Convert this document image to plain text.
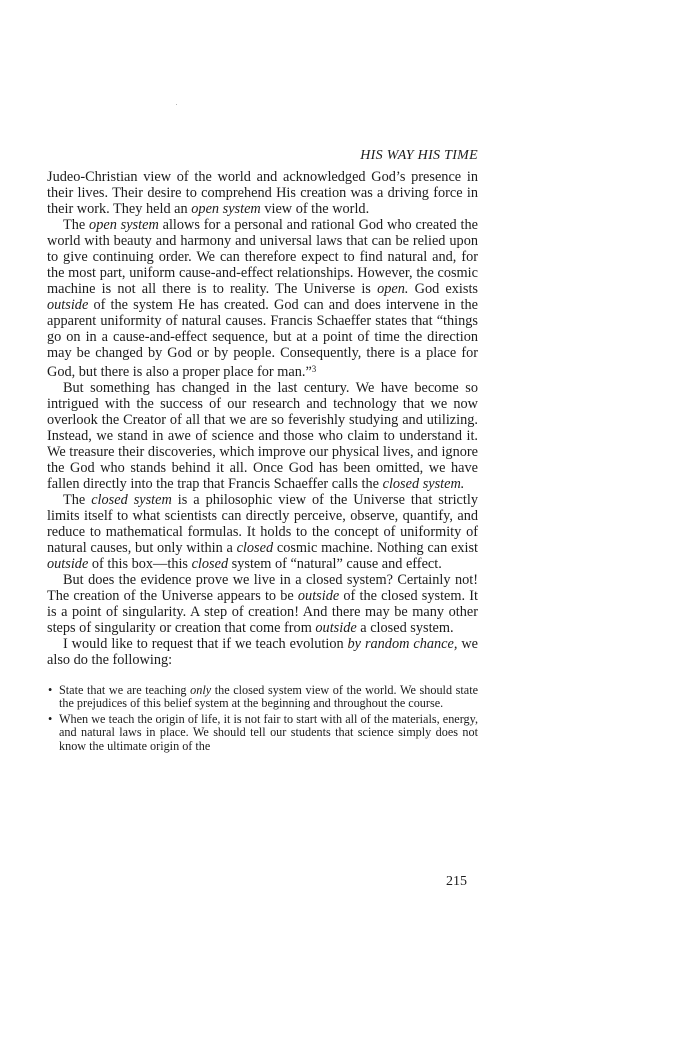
HIS WAY HIS TIME

Judeo-Christian view of the world and acknowledged God’s presence in their lives. Their desire to comprehend His creation was a driving force in their work. They held an open system view of the world.

The open system allows for a personal and rational God who created the world with beauty and harmony and universal laws that can be relied upon to give continuing order. We can therefore expect to find natural and, for the most part, uniform cause-and-effect relationships. However, the cosmic machine is not all there is to reality. The Universe is open. God exists outside of the system He has created. God can and does intervene in the apparent uniformity of natural causes. Francis Schaeffer states that “things go on in a cause-and-effect sequence, but at a point of time the direction may be changed by God or by people. Consequently, there is a place for God, but there is also a proper place for man.”$^3$

But something has changed in the last century. We have become so intrigued with the success of our research and technology that we now overlook the Creator of all that we are so feverishly studying and utilizing. Instead, we stand in awe of science and those who claim to understand it. We treasure their discoveries, which improve our physical lives, and ignore the God who stands behind it all. Once God has been omitted, we have fallen directly into the trap that Francis Schaeffer calls the closed system.

The closed system is a philosophic view of the Universe that strictly limits itself to what scientists can directly perceive, observe, quantify, and reduce to mathematical formulas. It holds to the concept of uniformity of natural causes, but only within a closed cosmic machine. Nothing can exist outside of this box—this closed system of “natural” cause and effect.

But does the evidence prove we live in a closed system? Certainly not! The creation of the Universe appears to be outside of the closed system. It is a point of singularity. A step of creation! And there may be many other steps of singularity or creation that come from outside a closed system.

I would like to request that if we teach evolution by random chance, we also do the following:

• State that we are teaching only the closed system view of the world. We should state the prejudices of this belief system at the beginning and throughout the course.
• When we teach the origin of life, it is not fair to start with all of the materials, energy, and natural laws in place. We should tell our students that science simply does not know the ultimate origin of the
215
